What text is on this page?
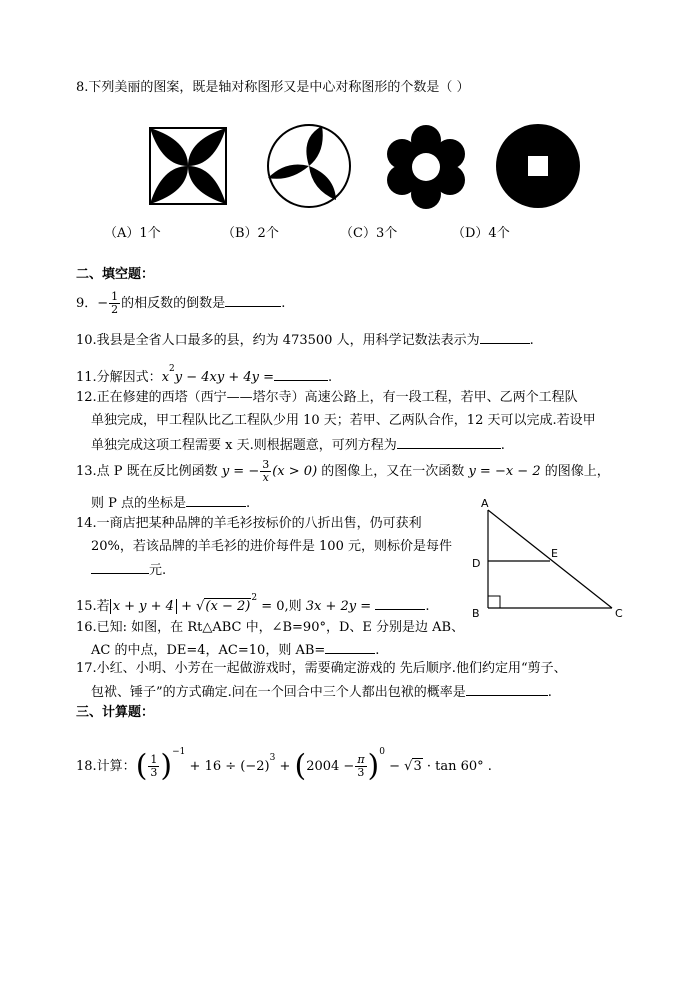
8.下列美丽的图案，既是轴对称图形又是中心对称图形的个数是（ ）
（A）1个	（B）2个	（C）3个	（D）4个
二、填空题：
9．− $\frac{1}{2}$ 的相反数的倒数是	.
10.我县是全省人口最多的县，约为 473500 人，用科学记数法表示为	.
11.分解因式：$x^2y - 4xy + 4y$ =	.
12.正在修建的西塔（西宁——塔尔寺）高速公路上，有一段工程，若甲、乙两个工程队
单独完成，甲工程队比乙工程队少用 10 天；若甲、乙两队合作，12 天可以完成.若设甲
单独完成这项工程需要 x 天.则根据题意，可列方程为	.
13.点 P 既在反比例函数 y = − $\frac{3}{x} (x > 0)$ 的图像上，又在一次函数 y = −x − 2 的图像上，
则 P 点的坐标是	.
14.一商店把某种品牌的羊毛衫按标价的八折出售，仍可获利
20%，若该品牌的羊毛衫的进价每件是 100 元，则标价是每件
元.
15.若 $x + y + 4 + √(x - 2)^2 = 0$,则 3x + 2y =	.
16.已知: 如图，在 Rt△ABC 中，∠B=90°，D、E 分别是边 AB、
AC 的中点，DE=4，AC=10，则 AB=	.
17.小红、小明、小芳在一起做游戏时，需要确定游戏的 先后顺序.他们约定用“剪子、
包袱、锤子”的方式确定.问在一个回合中三个人都出包袱的概率是	.
三、计算题：
18.计算：( $\frac{1}{3} )^{-1} + 16 \div (-2)^3 + (2004 - \frac{\pi}{3} )^0 - √3 \cdot \tan 60^\circ$ .
A
B	C
D
E
